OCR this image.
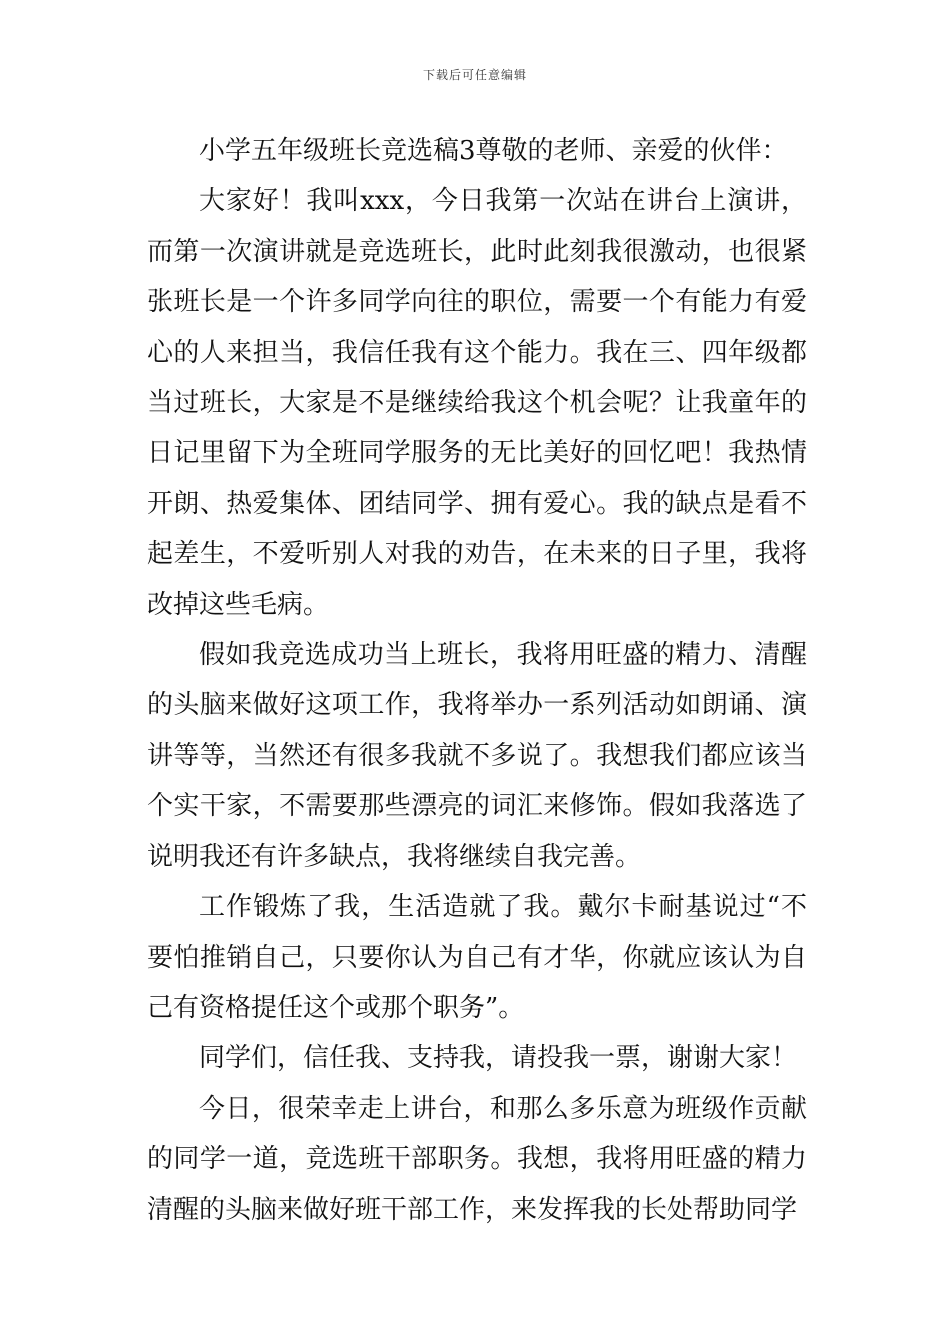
下载后可任意编辑

小学五年级班长竞选稿3尊敬的老师、亲爱的伙伴：

大家好！我叫xxx，今日我第一次站在讲台上演讲，而第一次演讲就是竞选班长，此时此刻我很激动，也很紧张班长是一个许多同学向往的职位，需要一个有能力有爱心的人来担当，我信任我有这个能力。我在三、四年级都当过班长，大家是不是继续给我这个机会呢？让我童年的日记里留下为全班同学服务的无比美好的回忆吧！我热情开朗、热爱集体、团结同学、拥有爱心。我的缺点是看不起差生，不爱听别人对我的劝告，在未来的日子里，我将改掉这些毛病。

假如我竞选成功当上班长，我将用旺盛的精力、清醒的头脑来做好这项工作，我将举办一系列活动如朗诵、演讲等等，当然还有很多我就不多说了。我想我们都应该当个实干家，不需要那些漂亮的词汇来修饰。假如我落选了说明我还有许多缺点，我将继续自我完善。

工作锻炼了我，生活造就了我。戴尔卡耐基说过“不要怕推销自己，只要你认为自己有才华，你就应该认为自己有资格提任这个或那个职务”。

同学们，信任我、支持我，请投我一票，谢谢大家！

今日，很荣幸走上讲台，和那么多乐意为班级作贡献的同学一道，竞选班干部职务。我想，我将用旺盛的精力清醒的头脑来做好班干部工作，来发挥我的长处帮助同学
